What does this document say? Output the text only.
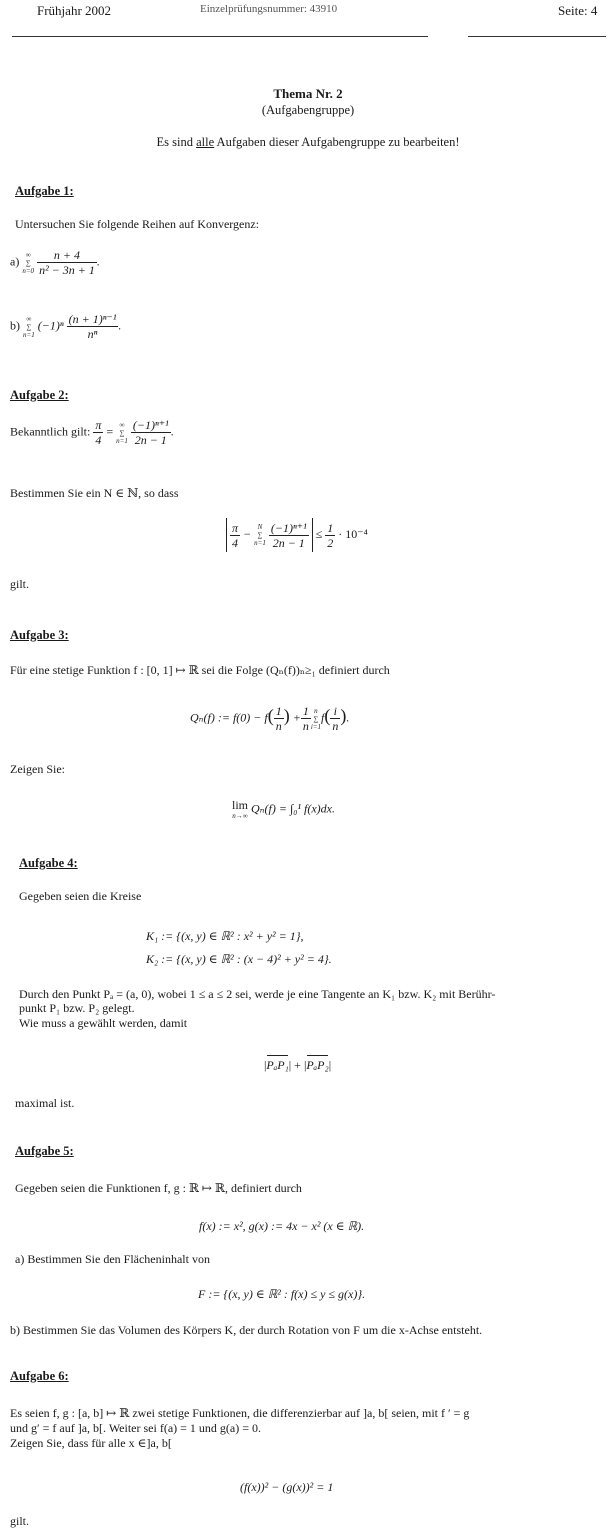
Frühjahr 2002	Einzelprüfungsnummer: 43910	Seite: 4
Thema Nr. 2
(Aufgabengruppe)
Es sind alle Aufgaben dieser Aufgabengruppe zu bearbeiten!
Aufgabe 1:
Untersuchen Sie folgende Reihen auf Konvergenz:
a) ∞
∑
n=0
$\frac{n + 4}{\text{n² − 3n + 1}}$ .
b) ∞
∑
n=1
$(-1)^n \frac{\text{(n + 1)ⁿ⁻¹}}{\text{nⁿ}}$ .
Aufgabe 2:
Bekanntlich gilt: $\frac{\pi}{4}$ = ∞
∑
n=1
$\frac{\text{(−1)ⁿ⁺¹}}{2n - 1}$ .
Bestimmen Sie ein N ∈ ℕ, so dass

$\frac{\pi}{4} - N$
∑
n=1
$\frac{\text{(−1)ⁿ⁺¹}}{2n - 1} \le \frac{1}{2} \cdot 10^{-4}$
gilt.
Aufgabe 3:
Für eine stetige Funktion f : [0, 1] ↦ ℝ sei die Folge (Qₙ(f))ₙ≥₁ definiert durch
Qₙ(f) := $f(0) - f( \frac{1}{n}$ ) + $\frac{1}{n}$ n
∑
i=1
$f( \frac{i}{n}$ ).
Zeigen Sie:
lim
n→∞
Qₙ(f) = ∫₀¹ f(x)dx.
Aufgabe 4:
Gegeben seien die Kreise
K₁ := {(x, y) ∈ ℝ² : x² + y² = 1},
K₂ := {(x, y) ∈ ℝ² : (x − 4)² + y² = 4}.
Durch den Punkt Pₐ = (a, 0), wobei 1 ≤ a ≤ 2 sei, werde je eine Tangente an K₁ bzw. K₂ mit Berühr-
punkt P₁ bzw. P₂ gelegt.
Wie muss a gewählt werden, damit
|PₐP₁| + |PₐP₂|
maximal ist.
Aufgabe 5:
Gegeben seien die Funktionen f, g : ℝ ↦ ℝ, definiert durch
f(x) := x², g(x) := 4x − x² (x ∈ ℝ).
a) Bestimmen Sie den Flächeninhalt von
F := {(x, y) ∈ ℝ² : f(x) ≤ y ≤ g(x)}.
b) Bestimmen Sie das Volumen des Körpers K, der durch Rotation von F um die x-Achse entsteht.
Aufgabe 6:
Es seien f, g : [a, b] ↦ ℝ zwei stetige Funktionen, die differenzierbar auf ]a, b[ seien, mit f ′ = g
und g′ = f auf ]a, b[. Weiter sei f(a) = 1 und g(a) = 0.
Zeigen Sie, dass für alle x ∈]a, b[
(f(x))² − (g(x))² = 1
gilt.
